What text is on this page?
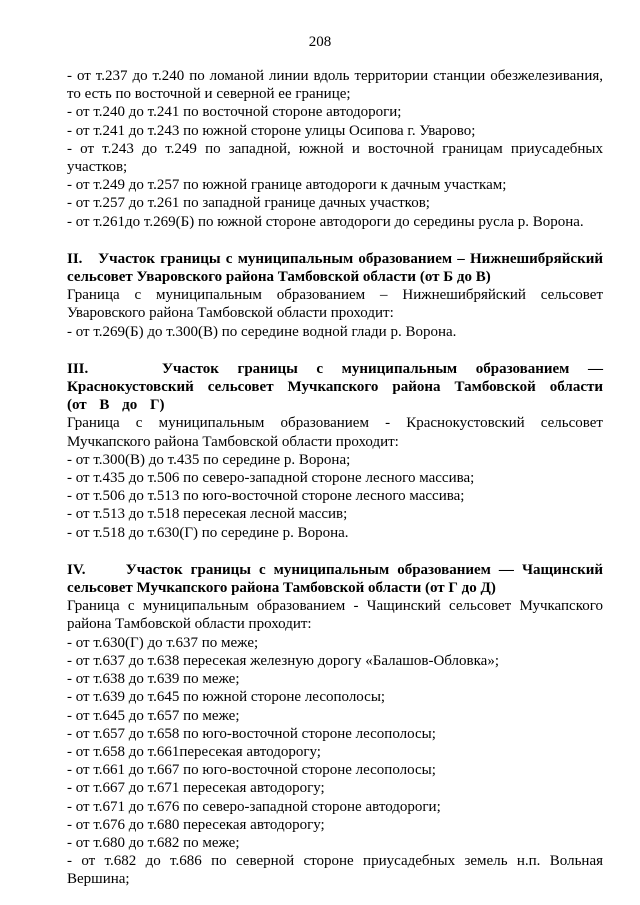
208

- от т.237 до т.240 по ломаной линии вдоль территории станции обезжелезивания, то есть по восточной и северной ее границе;

- от т.240 до т.241 по восточной стороне автодороги;

- от т.241 до т.243 по южной стороне улицы Осипова г. Уварово;

- от т.243 до т.249 по западной, южной и восточной границам приусадебных участков;

- от т.249 до т.257 по южной границе автодороги к дачным участкам;

- от т.257 до т.261 по западной границе дачных участков;

- от т.261до т.269(Б) по южной стороне автодороги до середины русла р. Ворона.

II. Участок границы с муниципальным образованием – Нижнешибряйский сельсовет Уваровского района Тамбовской области (от Б до В)

Граница с муниципальным образованием – Нижнешибряйский сельсовет Уваровского района Тамбовской области проходит:

- от т.269(Б) до т.300(В) по середине водной глади р. Ворона.

III.	Участок границы с муниципальным образованием — Краснокустовский сельсовет Мучкапского района Тамбовской области (от В до Г)

Граница с муниципальным образованием - Краснокустовский сельсовет Мучкапского района Тамбовской области проходит:

- от т.300(В) до т.435 по середине р. Ворона;

- от т.435 до т.506 по северо-западной стороне лесного массива;

- от т.506 до т.513 по юго-восточной стороне лесного массива;

- от т.513 до т.518 пересекая лесной массив;

- от т.518 до т.630(Г) по середине р. Ворона.

IV.	Участок границы с муниципальным образованием — Чащинский сельсовет Мучкапского района Тамбовской области (от Г до Д)

Граница с муниципальным образованием - Чащинский сельсовет Мучкапского района Тамбовской области проходит:

- от т.630(Г) до т.637 по меже;

- от т.637 до т.638 пересекая железную дорогу «Балашов-Обловка»;

- от т.638 до т.639 по меже;

- от т.639 до т.645 по южной стороне лесополосы;

- от т.645 до т.657 по меже;

- от т.657 до т.658 по юго-восточной стороне лесополосы;

- от т.658 до т.661пересекая автодорогу;

- от т.661 до т.667 по юго-восточной стороне лесополосы;

- от т.667 до т.671 пересекая автодорогу;

- от т.671 до т.676 по северо-западной стороне автодороги;

- от т.676 до т.680 пересекая автодорогу;

- от т.680 до т.682 по меже;

- от т.682 до т.686 по северной стороне приусадебных земель н.п. Вольная Вершина;
